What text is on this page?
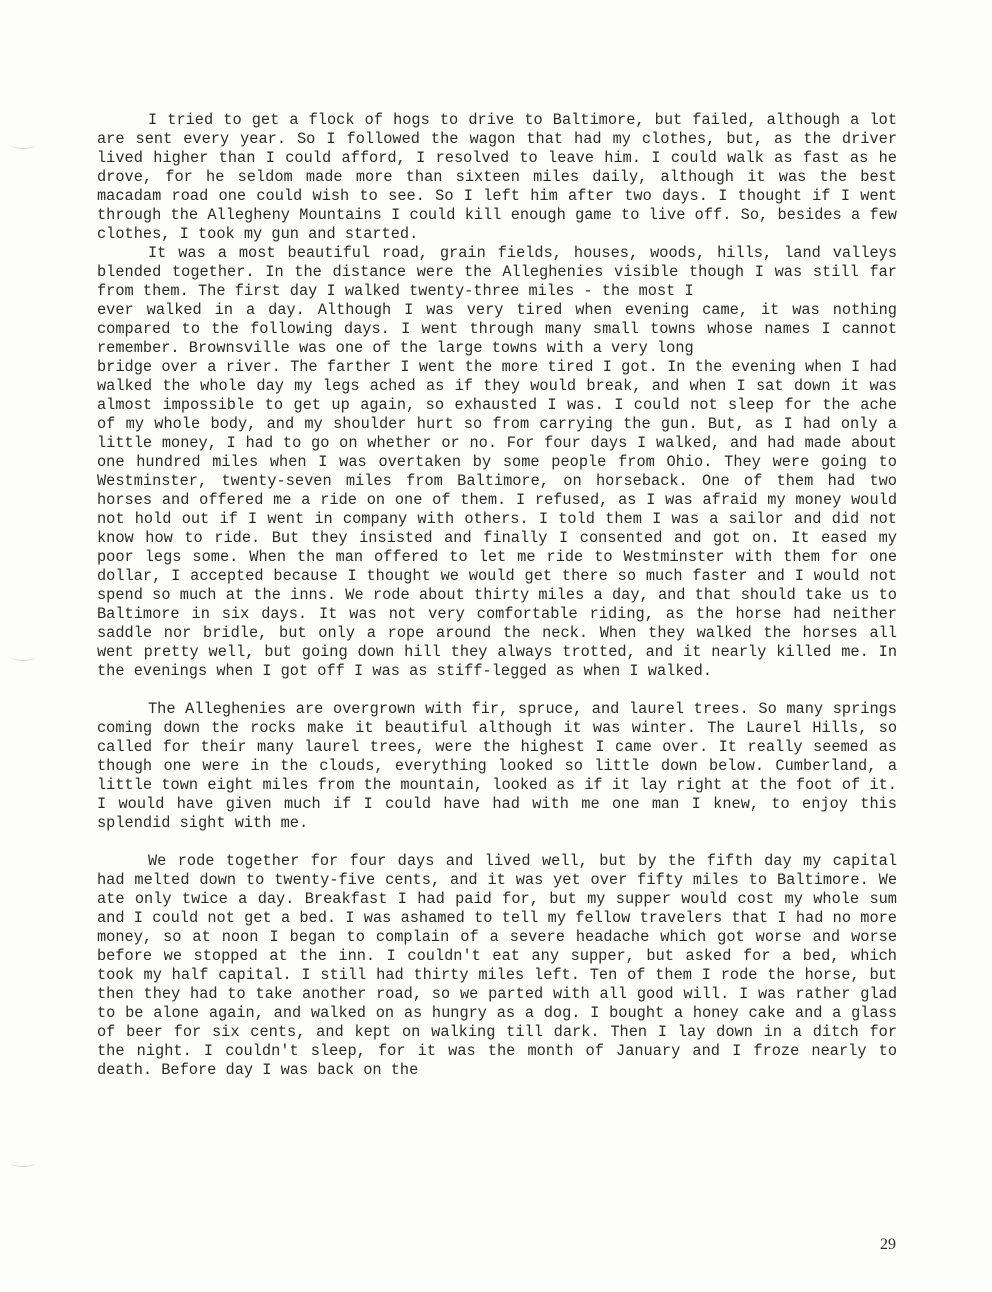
I tried to get a flock of hogs to drive to Baltimore, but failed, although a lot are sent every year. So I followed the wagon that had my clothes, but, as the driver lived higher than I could afford, I resolved to leave him. I could walk as fast as he drove, for he seldom made more than sixteen miles daily, although it was the best macadam road one could wish to see. So I left him after two days. I thought if I went through the Allegheny Mountains I could kill enough game to live off. So, besides a few clothes, I took my gun and started.

It was a most beautiful road, grain fields, houses, woods, hills, land valleys blended together. In the distance were the Alleghenies visible though I was still far from them. The first day I walked twenty-three miles - the most I

ever walked in a day. Although I was very tired when evening came, it was nothing compared to the following days. I went through many small towns whose names I cannot remember. Brownsville was one of the large towns with a very long

bridge over a river. The farther I went the more tired I got. In the evening when I had walked the whole day my legs ached as if they would break, and when I sat down it was almost impossible to get up again, so exhausted I was. I could not sleep for the ache of my whole body, and my shoulder hurt so from carrying the gun. But, as I had only a little money, I had to go on whether or no. For four days I walked, and had made about one hundred miles when I was overtaken by some people from Ohio. They were going to Westminster, twenty-seven miles from Baltimore, on horseback. One of them had two horses and offered me a ride on one of them. I refused, as I was afraid my money would not hold out if I went in company with others. I told them I was a sailor and did not know how to ride. But they insisted and finally I consented and got on. It eased my poor legs some. When the man offered to let me ride to Westminster with them for one dollar, I accepted because I thought we would get there so much faster and I would not spend so much at the inns. We rode about thirty miles a day, and that should take us to Baltimore in six days. It was not very comfortable riding, as the horse had neither saddle nor bridle, but only a rope around the neck. When they walked the horses all went pretty well, but going down hill they always trotted, and it nearly killed me. In the evenings when I got off I was as stiff-legged as when I walked.

The Alleghenies are overgrown with fir, spruce, and laurel trees. So many springs coming down the rocks make it beautiful although it was winter. The Laurel Hills, so called for their many laurel trees, were the highest I came over. It really seemed as though one were in the clouds, everything looked so little down below. Cumberland, a little town eight miles from the mountain, looked as if it lay right at the foot of it. I would have given much if I could have had with me one man I knew, to enjoy this splendid sight with me.

We rode together for four days and lived well, but by the fifth day my capital had melted down to twenty-five cents, and it was yet over fifty miles to Baltimore. We ate only twice a day. Breakfast I had paid for, but my supper would cost my whole sum and I could not get a bed. I was ashamed to tell my fellow travelers that I had no more money, so at noon I began to complain of a severe headache which got worse and worse before we stopped at the inn. I couldn't eat any supper, but asked for a bed, which took my half capital. I still had thirty miles left. Ten of them I rode the horse, but then they had to take another road, so we parted with all good will. I was rather glad to be alone again, and walked on as hungry as a dog. I bought a honey cake and a glass of beer for six cents, and kept on walking till dark. Then I lay down in a ditch for the night. I couldn't sleep, for it was the month of January and I froze nearly to death. Before day I was back on the

29
